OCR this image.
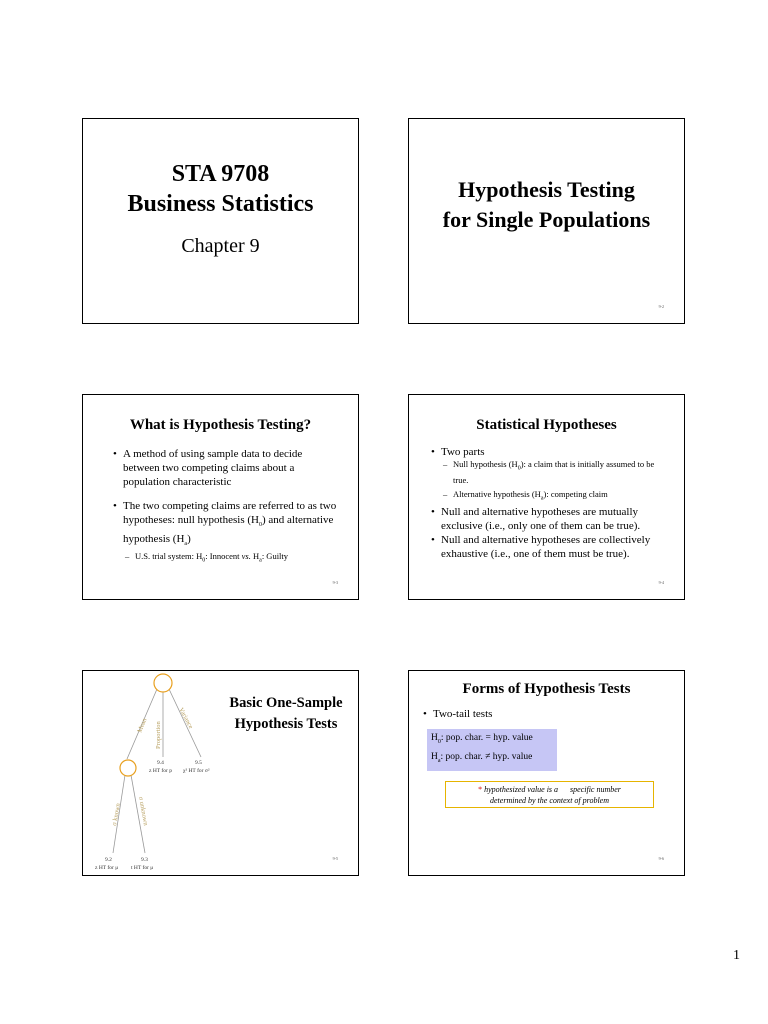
STA 9708
Business Statistics
Chapter 9
Hypothesis Testing
for Single Populations
9-2
What is Hypothesis Testing?
• A method of using sample data to decide between two competing claims about a population characteristic
• The two competing claims are referred to as two hypotheses: null hypothesis $(H_0)$ and alternative hypothesis $(H_a)$
– U.S. trial system: $H_0$: Innocent vs. $H_a$: Guilty
9-3
Statistical Hypotheses
• Two parts
– Null hypothesis $(H_0)$: a claim that is initially assumed to be true.
– Alternative hypothesis $(H_a)$: competing claim
• Null and alternative hypotheses are mutually exclusive (i.e., only one of them can be true).
• Null and alternative hypotheses are collectively exhaustive (i.e., one of them must be true).
9-4
Mean Proportion
Variance
σ known σ unknown
9.4
z HT for p
9.5
χ² HT for σ²
9.2
z HT for μ
9.3
t HT for μ
Basic One-Sample
Hypothesis Tests
9-5
Forms of Hypothesis Tests
• Two-tail tests
$H_0$: pop. char. = hyp. value
$H_a$: pop. char. ≠ hyp. value
* hypothesized value is a      specific number
determined by the context of problem
9-6
1
